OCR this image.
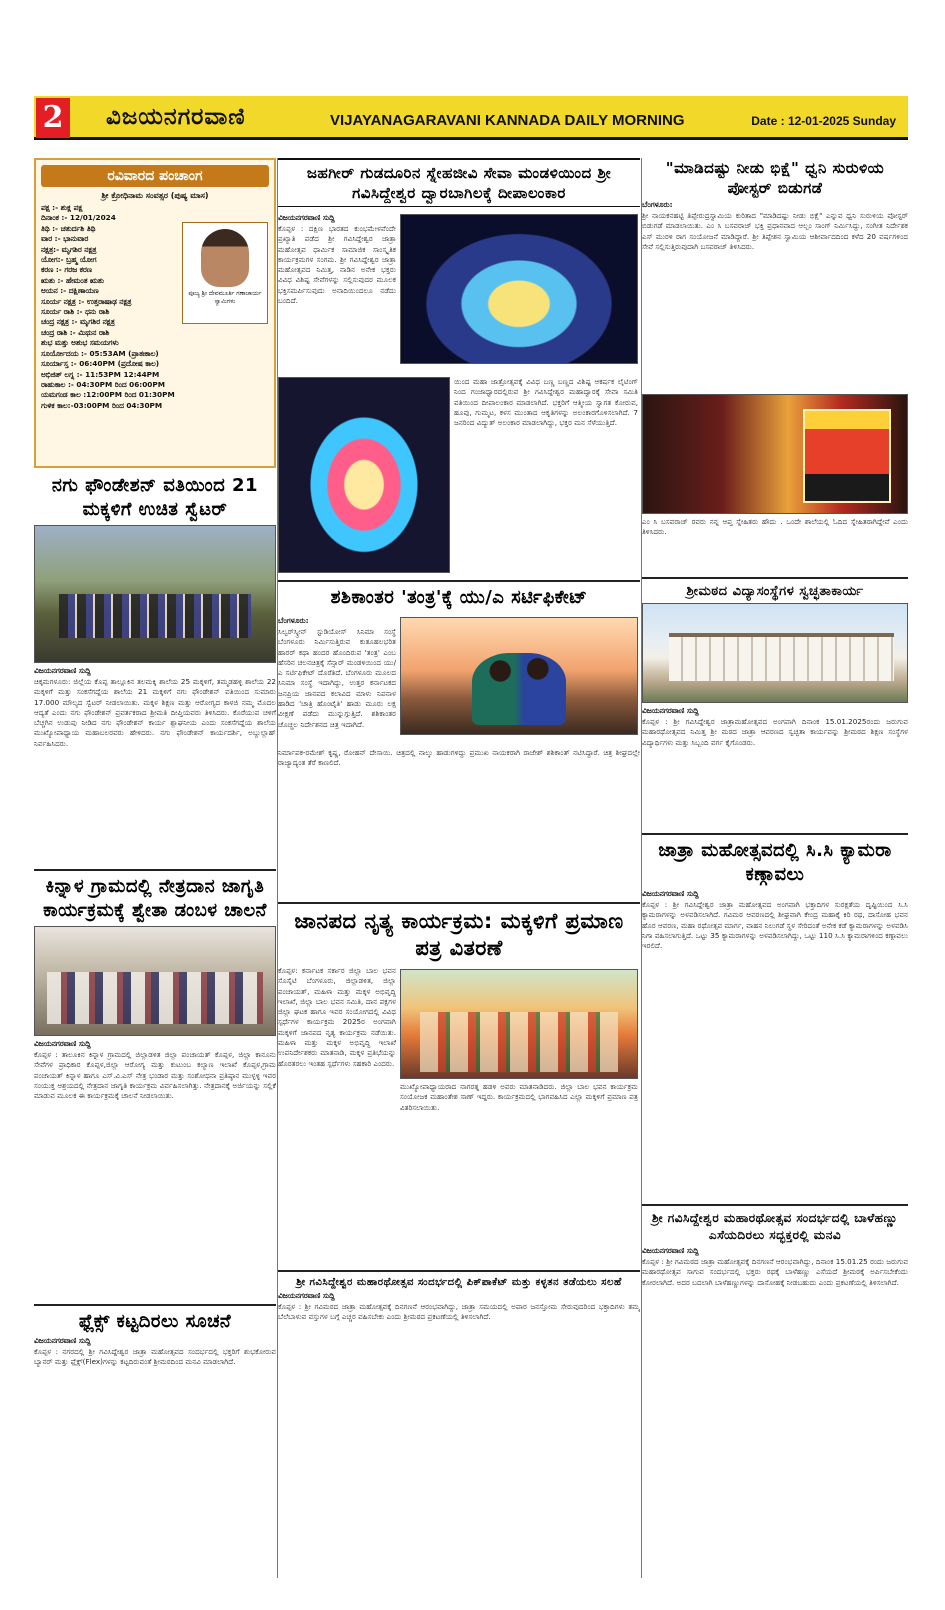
2 ವಿಜಯನಗರವಾಣಿ	VIJAYANAGARAVANI KANNADA DAILY MORNING	Date : 12-01-2025 Sunday
ರವಿವಾರದ ಪಂಚಾಂಗ
ಶ್ರೀ ಕ್ರೋಧಿನಾಮ ಸಂವತ್ಸರ (ಪುಷ್ಯ ಮಾಸ)
ಪಕ್ಷ :- ಶುಕ್ಲ ಪಕ್ಷ
ದಿನಾಂಕ :- 12/01/2024
ತಿಥಿ :- ಚತುರ್ದಶಿ ತಿಥಿ
ವಾರ :- ಭಾನುವಾರ
ನಕ್ಷತ್ರ:- ಮೃಗಶಿರ ನಕ್ಷತ್ರ
ಯೋಗ:- ಬ್ರಹ್ಮ ಯೋಗ
ಕರಣ :- ಗರಜ ಕರಣ
ಋತು :- ಹೇಮಂತ ಋತು
ಅಯನ :- ದಕ್ಷಿಣಾಯಣ
ಸೂರ್ಯ ನಕ್ಷತ್ರ :- ಉತ್ತರಾಷಾಢ ನಕ್ಷತ್ರ
ಸೂರ್ಯ ರಾಶಿ :- ಧನು ರಾಶಿ
ಚಂದ್ರ ನಕ್ಷತ್ರ :- ಮೃಗಶಿರ ನಕ್ಷತ್ರ
ಚಂದ್ರ ರಾಶಿ :- ಮಿಥುನ ರಾಶಿ
ಶುಭ ಮತ್ತು ಅಶುಭ ಸಮಯಗಳು
ಸೂರ್ಯೋದಯ :- 05:53AM (ಪ್ರಾತಃಕಾಲ)
ಸೂರ್ಯಾಸ್ತ :- 06:40PM (ಪ್ರದೋಷ ಕಾಲ)
ಅಭಿಜಿತ್ ಲಗ್ನ :- 11:53PM 12:44PM
ರಾಹುಕಾಲ :- 04:30PM ರಿಂದ 06:00PM
ಯಮಗಂಡ ಕಾಲ :12:00PM ರಿಂದ 01:30PM
ಗುಳಿಕ ಕಾಲ:-03:00PM ರಿಂದ 04:30PM
ಪೂಜ್ಯ ಶ್ರೀ ದೇವಮೂರ್ತಿ ಗಣಾಚಾರ್ಯ ಸ್ವಾಮಿಗಳು
ನಗು ಫೌಂಡೇಶನ್ ವತಿಯಿಂದ 21 ಮಕ್ಕಳಿಗೆ ಉಚಿತ ಸ್ವೆಟರ್
ವಿಜಯನಗರವಾಣಿ ಸುದ್ದಿ
ಚಿಕ್ಕಮಗಳೂರು: ಜಿಲ್ಲೆಯ ಕೊಪ್ಪ ತಾಲ್ಲೂಕಿನ ತಲಮಕ್ಕಿ ಶಾಲೆಯ 25 ಮಕ್ಕಳಿಗೆ, ತಮ್ಮಡಹಳ್ಳಿ ಶಾಲೆಯ 22 ಮಕ್ಕಳಿಗೆ ಮತ್ತು ಸಂಕಸೆಗದ್ದೆಯ ಶಾಲೆಯ 21 ಮಕ್ಕಳಿಗೆ ನಗು ಫೌಂಡೇಶನ್ ವತಿಯಿಂದ ಸುಮಾರು 17.000 ಮೌಲ್ಯದ ಸ್ವೆಟರ್ ನೀಡಲಾಯಿತು. ಮಕ್ಕಳ ಶಿಕ್ಷಣ ಮತ್ತು ಆರೋಗ್ಯದ ಕಾಳಜಿ ನಮ್ಮ ಮೊದಲ ಆದ್ಯತೆ ಎಂದು ನಗು ಫೌಂಡೇಶನ್ ಪ್ರವರ್ತಕರಾದ ಶ್ರೀಮತಿ ದೀಪ್ತಿಯವರು ತಿಳಿಸಿದರು. ಕೊರೆಯುವ ಚಳಿಗೆ ಬೆಚ್ಚಗಿನ ಉಡುಪು ನೀಡಿದ ನಗು ಫೌಂಡೇಶನ್ ಕಾರ್ಯ ಶ್ಲಾಘನೀಯ ಎಂದು ಸಂಕಸೆಗದ್ದೆಯ ಶಾಲೆಯ ಮುಖ್ಯೋಪಾಧ್ಯಾಯ ಮಹಾಬಲರವರು ಹೇಳಿದರು. ನಗು ಫೌಂಡೇಶನ್ ಕಾರ್ಯದರ್ಶಿ, ಅಬ್ದುಲ್ಲಾಹ್ ನಿರ್ವಹಿಸಿದರು.
ಕಿನ್ನಾಳ ಗ್ರಾಮದಲ್ಲಿ ನೇತ್ರದಾನ ಜಾಗೃತಿ ಕಾರ್ಯಕ್ರಮಕ್ಕೆ ಶ್ವೇತಾ ಡಂಬಳ ಚಾಲನೆ
ವಿಜಯನಗರವಾಣಿ ಸುದ್ದಿ
ಕೊಪ್ಪಳ : ತಾಲೂಕಿನ ಕಿನ್ನಾಳ ಗ್ರಾಮದಲ್ಲಿ ಜಿಲ್ಲಾಡಳಿತ ಜಿಲ್ಲಾ ಪಂಚಾಯತ್ ಕೊಪ್ಪಳ, ಜಿಲ್ಲಾ ಕಾನೂನು ಸೇವೆಗಳ ಪ್ರಾಧಿಕಾರ ಕೊಪ್ಪಳ,ಜಿಲ್ಲಾ ಆರೋಗ್ಯ ಮತ್ತು ಕುಟುಂಬ ಕಲ್ಯಾಣ ಇಲಾಖೆ ಕೊಪ್ಪಳ,ಗ್ರಾಮ ಪಂಚಾಯತ್ ಕಿನ್ನಾಳ ಹಾಗೂ ಎಸ್.ವಿ.ಎಸ್ ನೇತ್ರ ಭಂಡಾರ ಮತ್ತು ಸಂಶೋಧನಾ ಪ್ರತಿಷ್ಠಾನ ಮುಳ್ಳಳ್ಳಿ ಇವರ ಸಂಯುಕ್ತ ಆಶ್ರಯದಲ್ಲಿ ನೇತ್ರದಾನ ಜಾಗೃತಿ ಕಾರ್ಯಕ್ರಮ ವಿರ್ವಹಿಸಲಾಗಿತ್ತು. ನೇತ್ರದಾನಕ್ಕೆ ಅರ್ಜಿಯನ್ನು ಸಲ್ಲಿಕೆ ಮಾಡುವ ಮೂಲಕ ಈ ಕಾರ್ಯಕ್ರಮಕ್ಕೆ ಚಾಲನೆ ನೀಡಲಾಯಿತು.
ಫ್ಲೆಕ್ಸ್ ಕಟ್ಟದಿರಲು ಸೂಚನೆ
ವಿಜಯನಗರವಾಣಿ ಸುದ್ದಿ
ಕೊಪ್ಪಳ : ನಗರದಲ್ಲಿ ಶ್ರೀ ಗವಿಸಿದ್ದೇಶ್ವರ ಜಾತ್ರಾ ಮಹೋತ್ಸವದ ಸಂದರ್ಭದಲ್ಲಿ ಭಕ್ತರಿಗೆ ಶುಭಕೋರುವ ಬ್ಯಾನರ್ ಮತ್ತು ಫ್ಲೆಕ್ಸ್(Flex)ಗಳನ್ನು ಕಟ್ಟದಿರುವಂತೆ ಶ್ರೀಮಠದಿಂದ ಮನವಿ ಮಾಡಲಾಗಿದೆ.
ಜಹಗೀರ್ ಗುಡದೂರಿನ ಸ್ನೇಹಜೀವಿ ಸೇವಾ ಮಂಡಳಿಯಿಂದ ಶ್ರೀ ಗವಿಸಿದ್ದೇಶ್ವರ ದ್ವಾರಬಾಗಿಲಕ್ಕೆ ದೀಪಾಲಂಕಾರ
ವಿಜಯನಗರವಾಣಿ ಸುದ್ದಿ
ಕೊಪ್ಪಳ : ದಕ್ಷಿಣ ಭಾರತದ ಕುಂಭಮೇಳವೆಂದೇ ಪ್ರಖ್ಯಾತಿ ಪಡೆದ ಶ್ರೀ ಗವಿಸಿದ್ದೇಶ್ವರ ಜಾತ್ರಾ ಮಹೋತ್ಸವ ಧಾರ್ಮಿಕ ಸಾಮಾಜಿಕ ಸಾಂಸ್ಕೃತಿಕ ಕಾರ್ಯಕ್ರಮಗಳ ಸಂಗಮ. ಶ್ರೀ ಗವಿಸಿದ್ದೇಶ್ವರ ಜಾತ್ರಾ ಮಹೋತ್ಸವದ ನಿಮಿತ್ತ, ನಾಡಿನ ಅನೇಕ ಭಕ್ತರು ವಿವಿಧ ವಿಶಿಷ್ಟ ಸೇವೆಗಳನ್ನು ಸಲ್ಲಿಸುವುದರ ಮೂಲಕ ಭಕ್ತಿಸಮರ್ಪಿಸುವುದು ಅನಾದಿಯಿಂದಲೂ ನಡೆದು ಬಂದಿದೆ.
ಯಿಂದ ಮಹಾ ಜಾತ್ರೋತ್ಸವಕ್ಕೆ ವಿವಿಧ ಬಣ್ಣ ಬಣ್ಣದ ವಿಶಿಷ್ಟ ಆಕರ್ಷಕ ಲೈಟಿಂಗ್ ನಿಂದ ಗಂಜಾಧ್ವಾರದಲ್ಲಿರುವ ಶ್ರೀ ಗವಿಸಿದ್ದೇಶ್ವರ ಮಹಾದ್ವಾರಕ್ಕೆ ಸೇವಾ ಸಮಿತಿ ವತಿಯಿಂದ ದೀಪಾಲಂಕಾರ ಮಾಡಲಾಗಿದೆ. ಭಕ್ತರಿಗೆ ಆತ್ಮೀಯ ಸ್ವಾಗತ ಕೋರುವ, ಹೂವು, ಗುಮ್ಮಟ, ಕಳಸ ಮುಂತಾದ ಆಕೃತಿಗಳನ್ನು ಅಲಂಕಾರಗೊಳಿಸಲಾಗಿದೆ. 7 ಜನರಿಂದ ವಿದ್ಯುತ್ ಅಲಂಕಾರ ಮಾಡಲಾಗಿದ್ದು, ಭಕ್ತರ ಮನ ಸೆಳೆಯುತ್ತಿದೆ.
ಶಶಿಕಾಂತರ 'ತಂತ್ರ'ಕ್ಕೆ ಯು/ಎ ಸರ್ಟಿಫಿಕೇಟ್
ಬೆಂಗಳೂರು:
ಸಿಲ್ವರ್‌ಸ್ಕ್ರೀನ್ ಸ್ಟುಡಿಯೋಸ್ ಸಿನಿಮಾ ಸಂಸ್ಥೆ ಬೆಂಗಳೂರು ನಿರ್ಮಿಸುತ್ತಿರುವ ಕುತೂಹಲಭರಿತ ಹಾರರ್ ಕಥಾ ಹಂದರ ಹೊಂದಿರುವ 'ತಂತ್ರ' ಎಂಬ ಹೆಸರಿನ ಚಲನಚಿತ್ರಕ್ಕೆ ಸೆನ್ಸಾರ್ ಮಂಡಳಿಯಿಂದ ಯು/ಎ ಸರ್ಟಿಫಿಕೇಟ್ ದೊರೆತಿದೆ. ಬೆಂಗಳೂರು ಮೂಲದ ಸಿನಿಮಾ ಸಂಸ್ಥೆ ಇದಾಗಿದ್ದು, ಉತ್ತರ ಕರ್ನಾಟಕದ ಜನಪ್ರಿಯ ಜಾನಪದ ಕಲಾವಿದ ಮಾಳು ನಿಪನಾಳ ಹಾಡಿದ 'ಚಾತ್ರಿ ಹೊಂಟೈತಿ' ಹಾಡು ಮೂರು ಲಕ್ಷ ವೀಕ್ಷಣೆ ಪಡೆದು ಮುನ್ನುಗ್ಗುತ್ತಿದೆ. ಶಶಿಕಾಂತರ ಚೊಚ್ಚಲ ನಿರ್ದೇಶನದ ಚಿತ್ರ ಇದಾಗಿದೆ.
ನಿರ್ಮಾಪಕ-ರಮೇಶ್ ಕೃಷ್ಣ, ರೋಹನ್ ದೇಸಾಯಿ. ಚಿತ್ರದಲ್ಲಿ ನಾಲ್ಕು ಹಾಡುಗಳಿದ್ದು ಪ್ರಮುಖ ನಾಯಕರಾಗಿ ರಾಜೇಶ್ ಶಶಿಕಾಂತ್ ನಟಿಸಿದ್ದಾರೆ. ಚಿತ್ರ ಶೀಘ್ರದಲ್ಲೇ ರಾಜ್ಯಾದ್ಯಂತ ತೆರೆ ಕಾಣಲಿದೆ.
ಜಾನಪದ ನೃತ್ಯ ಕಾರ್ಯಕ್ರಮ: ಮಕ್ಕಳಿಗೆ ಪ್ರಮಾಣ ಪತ್ರ ವಿತರಣೆ
ಕೊಪ್ಪಳ: ಕರ್ನಾಟಕ ಸರ್ಕಾರ ಜಿಲ್ಲಾ ಬಾಲ ಭವನ ಸೊಸೈಟಿ ಬೆಂಗಳೂರು, ಜಿಲ್ಲಾಡಳಿತ, ಜಿಲ್ಲಾ ಪಂಚಾಯತ್, ಮಹಿಳಾ ಮತ್ತು ಮಕ್ಕಳ ಅಭಿವೃದ್ಧಿ ಇಲಾಖೆ, ಜಿಲ್ಲಾ ಬಾಲ ಭವನ ಸಮಿತಿ, ದಾನ ಪಕ್ಷಗಳ ಜಿಲ್ಲಾ ಘಟಕ ಹಾಗೂ ಇವರ ಸಂಯೋಗದಲ್ಲಿ ವಿವಿಧ ಸ್ಪರ್ಧೆಗಳ ಕಾರ್ಯಕ್ರಮ 2025ರ ಅಂಗವಾಗಿ ಮಕ್ಕಳಿಗೆ ಜಾನಪದ ನೃತ್ಯ ಕಾರ್ಯಕ್ರಮ ನಡೆಯಿತು. ಮಹಿಳಾ ಮತ್ತು ಮಕ್ಕಳ ಅಭಿವೃದ್ಧಿ ಇಲಾಖೆ ಉಪನಿರ್ದೇಶಕರು ಮಾತನಾಡಿ, ಮಕ್ಕಳ ಪ್ರತಿಭೆಯನ್ನು ಹೊರತರಲು ಇಂತಹ ಸ್ಪರ್ಧೆಗಳು ಸಹಕಾರಿ ಎಂದರು.
ಮುಖ್ಯೋಪಾಧ್ಯಾಯರಾದ ನಾಗರತ್ನ ಹಡಳಿ ಅವರು ಮಾತನಾಡಿದರು. ಜಿಲ್ಲಾ ಬಾಲ ಭವನ ಕಾರ್ಯಕ್ರಮ ಸಂಯೋಜಕ ಮಹಾಂತೇಶ ಸಾಣ್ ಇದ್ದರು. ಕಾರ್ಯಕ್ರಮದಲ್ಲಿ ಭಾಗವಹಿಸಿದ ಎಲ್ಲಾ ಮಕ್ಕಳಿಗೆ ಪ್ರಮಾಣ ಪತ್ರ ವಿತರಿಸಲಾಯಿತು.
ಶ್ರೀ ಗವಿಸಿದ್ದೇಶ್ವರ ಮಹಾರಥೋತ್ಸವ ಸಂದರ್ಭದಲ್ಲಿ ಪಿಕ್‌ಪಾಕೆಟ್ ಮತ್ತು ಕಳ್ಳತನ ತಡೆಯಲು ಸಲಹೆ
ವಿಜಯನಗರವಾಣಿ ಸುದ್ದಿ
ಕೊಪ್ಪಳ : ಶ್ರೀ ಗವಿಮಠದ ಜಾತ್ರಾ ಮಹೋತ್ಸವಕ್ಕೆ ದಿನಗಣನೆ ಆರಂಭವಾಗಿದ್ದು, ಜಾತ್ರಾ ಸಮಯದಲ್ಲಿ ಅಪಾರ ಜನಸ್ತೋಮ ಸೇರುವುದರಿಂದ ಭಕ್ತಾದಿಗಳು ತಮ್ಮ ಬೆಲೆಬಾಳುವ ವಸ್ತುಗಳ ಬಗ್ಗೆ ಎಚ್ಚರ ವಹಿಸಬೇಕು ಎಂದು ಶ್ರೀಮಠದ ಪ್ರಕಟಣೆಯಲ್ಲಿ ತಿಳಿಸಲಾಗಿದೆ.
"ಮಾಡಿದಷ್ಟು ನೀಡು ಭಿಕ್ಷೆ" ಧ್ವನಿ ಸುರುಳಿಯ ಪೋಸ್ಟರ್ ಬಿಡುಗಡೆ
ಬೆಂಗಳೂರು:
ಶ್ರೀ ನಾಯಕನಹಟ್ಟಿ ತಿಪ್ಪೇರುದ್ರಸ್ವಾಮಿಯ ಕುರಿತಾದ "ಮಾಡಿದಷ್ಟು ನೀಡು ಭಿಕ್ಷೆ" ಎನ್ನುವ ಧ್ವನಿ ಸುರುಳಿಯ ಪೋಸ್ಟರ್ ಬಿಡುಗಡೆ ಮಾಡಲಾಯಿತು. ಎಂ ಸಿ ಬಸವರಾಜ್ ಭಕ್ತಿ ಪ್ರಧಾನವಾದ ಆಲ್ಬಂ ಸಾಂಗ್ ನಿರ್ಮಿಸಿದ್ದು, ಸಂಗೀತ ನಿರ್ದೇಶಕ ಎಸ್ ಮುರಳಿ ರಾಗ ಸಂಯೋಜನೆ ಮಾಡಿದ್ದಾರೆ. ಶ್ರೀ ತಿಪ್ಪೇಶನ ಸ್ವಾಮಿಯ ಆಶೀರ್ವಾದದಿಂದ ಕಳೆದ 20 ವರ್ಷಗಳಿಂದ ಸೇವೆ ಸಲ್ಲಿಸುತ್ತಿರುವುದಾಗಿ ಬಸವರಾಜ್ ತಿಳಿಸಿದರು.
ಎಂ ಸಿ ಬಸವರಾಜ್ ರವರು ನನ್ನ ಆಪ್ತ ಸ್ನೇಹಿತರು ಹೌದು . ಒಂದೇ ಶಾಲೆಯಲ್ಲಿ ಓದಿದ ಸ್ನೇಹಿತರಾಗಿದ್ದೇವೆ ಎಂದು ತಿಳಿಸಿದರು.
ಶ್ರೀಮಠದ ವಿದ್ಯಾಸಂಸ್ಥೆಗಳ ಸ್ವಚ್ಛತಾಕಾರ್ಯ
ವಿಜಯನಗರವಾಣಿ ಸುದ್ದಿ
ಕೊಪ್ಪಳ : ಶ್ರೀ ಗವಿಸಿದ್ದೇಶ್ವರ ಜಾತ್ರಾಮಹೋತ್ಸವದ ಅಂಗವಾಗಿ ದಿನಾಂಕ 15.01.2025ರಂದು ಜರುಗುವ ಮಹಾರಥೋತ್ಸವದ ನಿಮಿತ್ತ ಶ್ರೀ ಮಠದ ಜಾತ್ರಾ ಆವರಣದ ಸ್ವಚ್ಛತಾ ಕಾರ್ಯವನ್ನು ಶ್ರೀಮಠದ ಶಿಕ್ಷಣ ಸಂಸ್ಥೆಗಳ ವಿದ್ಯಾರ್ಥಿಗಳು ಮತ್ತು ಸಿಬ್ಬಂದಿ ವರ್ಗ ಕೈಗೊಂಡರು.
ಜಾತ್ರಾ ಮಹೋತ್ಸವದಲ್ಲಿ ಸಿ.ಸಿ ಕ್ಯಾಮರಾ ಕಣ್ಗಾವಲು
ವಿಜಯನಗರವಾಣಿ ಸುದ್ದಿ
ಕೊಪ್ಪಳ : ಶ್ರೀ ಗವಿಸಿದ್ದೇಶ್ವರ ಜಾತ್ರಾ ಮಹೋತ್ಸವದ ಅಂಗವಾಗಿ ಭಕ್ತಾದಿಗಳ ಸುರಕ್ಷತೆಯ ದೃಷ್ಟಿಯಿಂದ ಸಿ.ಸಿ ಕ್ಯಾಮರಾಗಳನ್ನು ಅಳವಡಿಸಲಾಗಿದೆ. ಗವಿಮಠ ಆವರಣದಲ್ಲಿ ಶೀಘ್ರವಾಗಿ ಕೇಂದ್ರ ಮಹಾಕ್ಕೆ ಕಿರಿ ರಥ, ದಾಸೋಹ ಭವನ ಹೊರ ಆವರಣ, ಮಹಾ ರಥೋತ್ಸವ ಮಾರ್ಗ, ವಾಹನ ನಿಲುಗಡೆ ಸ್ಥಳ ಸೇರಿದಂತೆ ಅನೇಕ ಕಡೆ ಕ್ಯಾಮರಾಗಳನ್ನು ಅಳವಡಿಸಿ ನಿಗಾ ವಹಿಸಲಾಗುತ್ತಿದೆ. ಒಟ್ಟು 35 ಕ್ಯಾಮರಾಗಳನ್ನು ಅಳವಡಿಸಲಾಗಿದ್ದು, ಒಟ್ಟು 110 ಸಿ.ಸಿ ಕ್ಯಾಮರಾಗಳಿಂದ ಕಣ್ಗಾವಲು ಇರಲಿದೆ.
ಶ್ರೀ ಗವಿಸಿದ್ದೇಶ್ವರ ಮಹಾರಥೋತ್ಸವ ಸಂದರ್ಭದಲ್ಲಿ ಬಾಳೆಹಣ್ಣು ಎಸೆಯದಿರಲು ಸದ್ಭಕ್ತರಲ್ಲಿ ಮನವಿ
ವಿಜಯನಗರವಾಣಿ ಸುದ್ದಿ
ಕೊಪ್ಪಳ : ಶ್ರೀ ಗವಿಮಠದ ಜಾತ್ರಾ ಮಹೋತ್ಸವಕ್ಕೆ ದಿನಗಣನೆ ಆರಂಭವಾಗಿದ್ದು, ದಿನಾಂಕ 15.01.25 ರಂದು ಜರುಗುವ ಮಹಾರಥೋತ್ಸವ ಸಾಗುವ ಸಂದರ್ಭದಲ್ಲಿ ಭಕ್ತರು ರಥಕ್ಕೆ ಬಾಳೆಹಣ್ಣು ಎಸೆಯದೆ ಶ್ರೀಮಠಕ್ಕೆ ಅರ್ಪಿಸಬೇಕೆಂದು ಕೋರಲಾಗಿದೆ. ಅದರ ಬದಲಾಗಿ ಬಾಳೆಹಣ್ಣುಗಳನ್ನು ದಾಸೋಹಕ್ಕೆ ನೀಡಬಹುದು ಎಂದು ಪ್ರಕಟಣೆಯಲ್ಲಿ ತಿಳಿಸಲಾಗಿದೆ.
